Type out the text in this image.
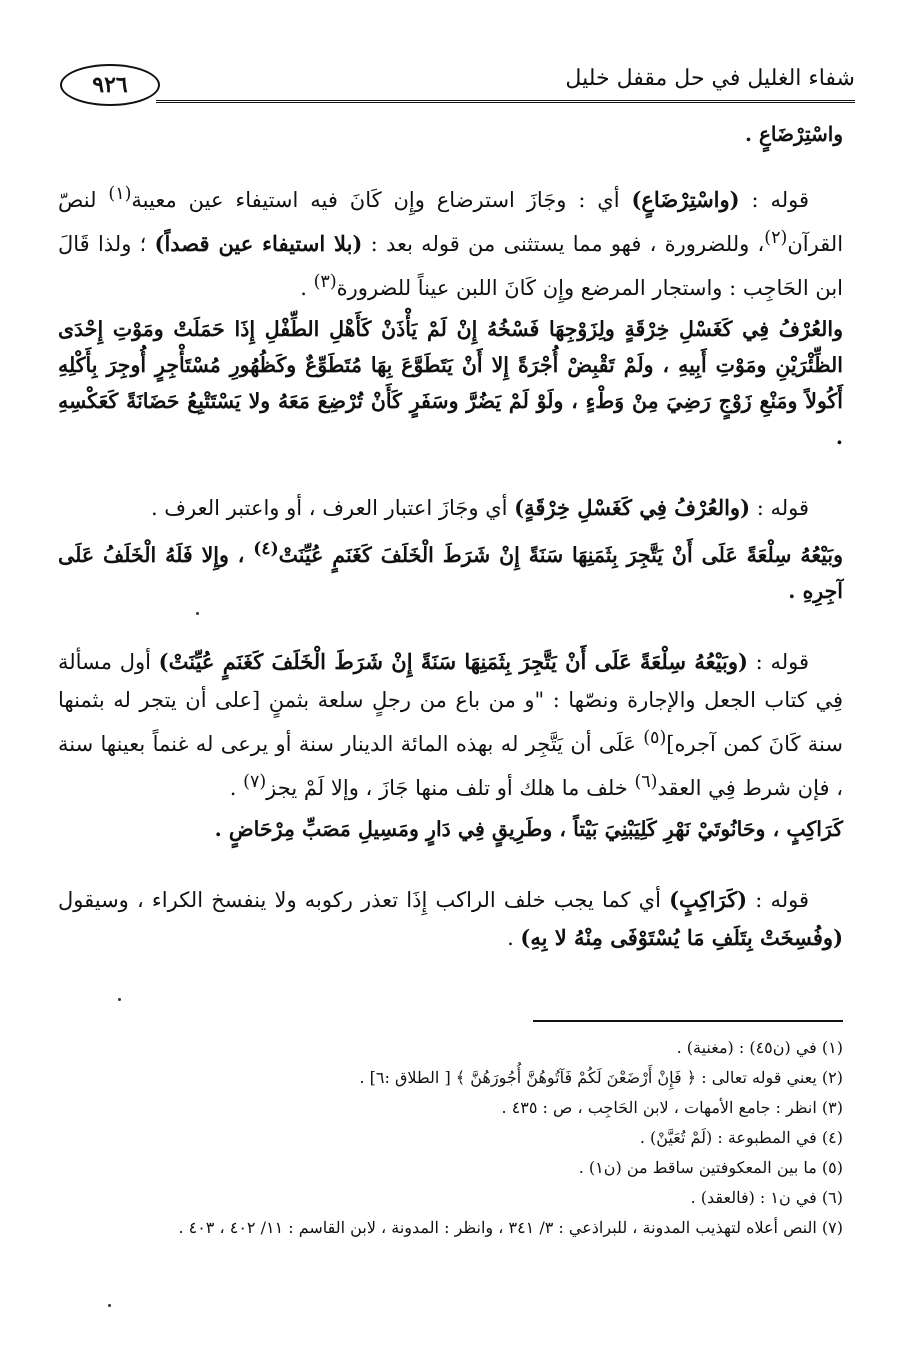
٩٢٦	شفاء الغليل في حل مقفل خليل

واسْتِرْضَاعٍ .

قوله : (واسْتِرْضَاعٍ) أي : وجَازَ استرضاع وإِن كَانَ فيه استيفاء عين معيبة$^{(١)}$ لنصّ القرآن$^{(٢)}$، وللضرورة ، فهو مما يستثنى من قوله بعد : (بلا استيفاء عين قصداً) ؛ ولذا قَالَ ابن الحَاجِب : واستجار المرضع وإِن كَانَ اللبن عيناً للضرورة$^{(٣)}$ .

والعُرْفُ فِي كَغَسْلِ خِرْقَةٍ ولِزَوْجِهَا فَسْخُهُ إِنْ لَمْ يَأْذَنْ كَأَهْلِ الطِّفْلِ إِذَا حَمَلَتْ ومَوْتِ إِحْدَى الظِّئْرَيْنِ ومَوْتِ أَبِيهِ ، ولَمْ تَقْبِضْ أُجْرَةً إِلا أَنْ يَتَطَوَّعَ بِهَا مُتَطَوِّعٌ وكَظُهُورِ مُسْتَأْجِرٍ أُوجِرَ بِأَكْلِهِ أَكُولاً ومَنْعِ زَوْجٍ رَضِيَ مِنْ وَطْءٍ ، ولَوْ لَمْ يَضُرَّ وسَفَرٍ كَأَنْ تُرْضِعَ مَعَهُ ولا يَسْتَتْبِعُ حَضَانَةً كَعَكْسِهِ .

قوله : (والعُرْفُ فِي كَغَسْلِ خِرْقَةٍ) أي وجَازَ اعتبار العرف ، أو واعتبر العرف .

وبَيْعُهُ سِلْعَةً عَلَى أَنْ يَتَّجِرَ بِثَمَنِهَا سَنَةً إِنْ شَرَطَ الْخَلَفَ كَغَنَمٍ عُيِّنَتْ$^{(٤)}$ ، وإِلا فَلَهُ الْخَلَفُ عَلَى آجِرِهِ .

قوله : (وبَيْعُهُ سِلْعَةً عَلَى أَنْ يَتَّجِرَ بِثَمَنِهَا سَنَةً إِنْ شَرَطَ الْخَلَفَ كَغَنَمٍ عُيِّنَتْ) أول مسألة فِي كتاب الجعل والإجارة ونصّها : "و من باع من رجلٍ سلعة بثمنٍ [على أن يتجر له بثمنها سنة كَانَ كمن آجره]$^{(٥)}$ عَلَى أن يَتَّجِر له بهذه المائة الدينار سنة أو يرعى له غنماً بعينها سنة ، فإن شرط فِي العقد$^{(٦)}$ خلف ما هلك أو تلف منها جَازَ ، وإلا لَمْ يجز$^{(٧)}$ .

كَرَاكِبٍ ، وحَانُوتَيْ نَهْرِ كَلِيَبْنِيَ بَيْتاً ، وطَرِيقٍ فِي دَارٍ ومَسِيلِ مَصَبِّ مِرْحَاضٍ .

قوله : (كَرَاكِبٍ) أي كما يجب خلف الراكب إِذَا تعذر ركوبه ولا ينفسخ الكراء ، وسيقول (وفُسِخَتْ بِتَلَفِ مَا يُسْتَوْفَى مِنْهُ لا بِهِ) .

(١) في (ن٤٥) : (مغنية) .
(٢) يعني قوله تعالى : ﴿ فَإِنْ أَرْضَعْنَ لَكُمْ فَآتُوهُنَّ أُجُورَهُنَّ ﴾ [ الطلاق :٦] .
(٣) انظر : جامع الأمهات ، لابن الحَاجِب ، ص : ٤٣٥ .
(٤) في المطبوعة : (لَمْ تُعَيَّنْ) .
(٥) ما بين المعكوفتين ساقط من (ن١) .
(٦) في ن١ : (فالعقد) .
(٧) النص أعلاه لتهذيب المدونة ، للبراذعي : ٣/ ٣٤١ ، وانظر : المدونة ، لابن القاسم : ١١/ ٤٠٢ ، ٤٠٣ .
